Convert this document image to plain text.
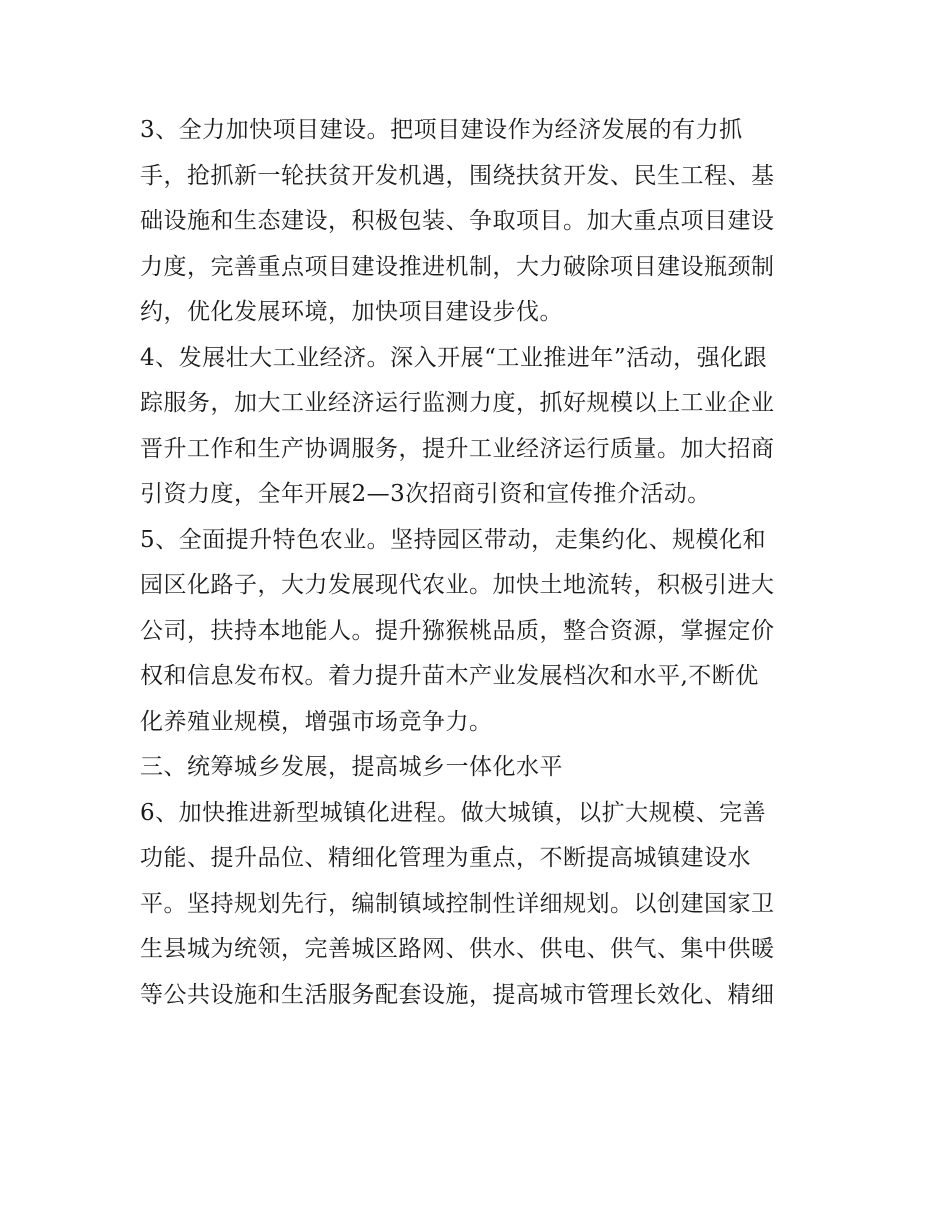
3、全力加快项目建设。把项目建设作为经济发展的有力抓
手，抢抓新一轮扶贫开发机遇，围绕扶贫开发、民生工程、基
础设施和生态建设，积极包装、争取项目。加大重点项目建设
力度，完善重点项目建设推进机制，大力破除项目建设瓶颈制
约，优化发展环境，加快项目建设步伐。

4、发展壮大工业经济。深入开展“工业推进年”活动，强化跟
踪服务，加大工业经济运行监测力度，抓好规模以上工业企业
晋升工作和生产协调服务，提升工业经济运行质量。加大招商
引资力度，全年开展2—3次招商引资和宣传推介活动。

5、全面提升特色农业。坚持园区带动，走集约化、规模化和
园区化路子，大力发展现代农业。加快土地流转，积极引进大
公司，扶持本地能人。提升猕猴桃品质，整合资源，掌握定价
权和信息发布权。着力提升苗木产业发展档次和水平,不断优
化养殖业规模，增强市场竞争力。

三、统筹城乡发展，提高城乡一体化水平

6、加快推进新型城镇化进程。做大城镇，以扩大规模、完善
功能、提升品位、精细化管理为重点，不断提高城镇建设水
平。坚持规划先行，编制镇域控制性详细规划。以创建国家卫
生县城为统领，完善城区路网、供水、供电、供气、集中供暖
等公共设施和生活服务配套设施，提高城市管理长效化、精细
